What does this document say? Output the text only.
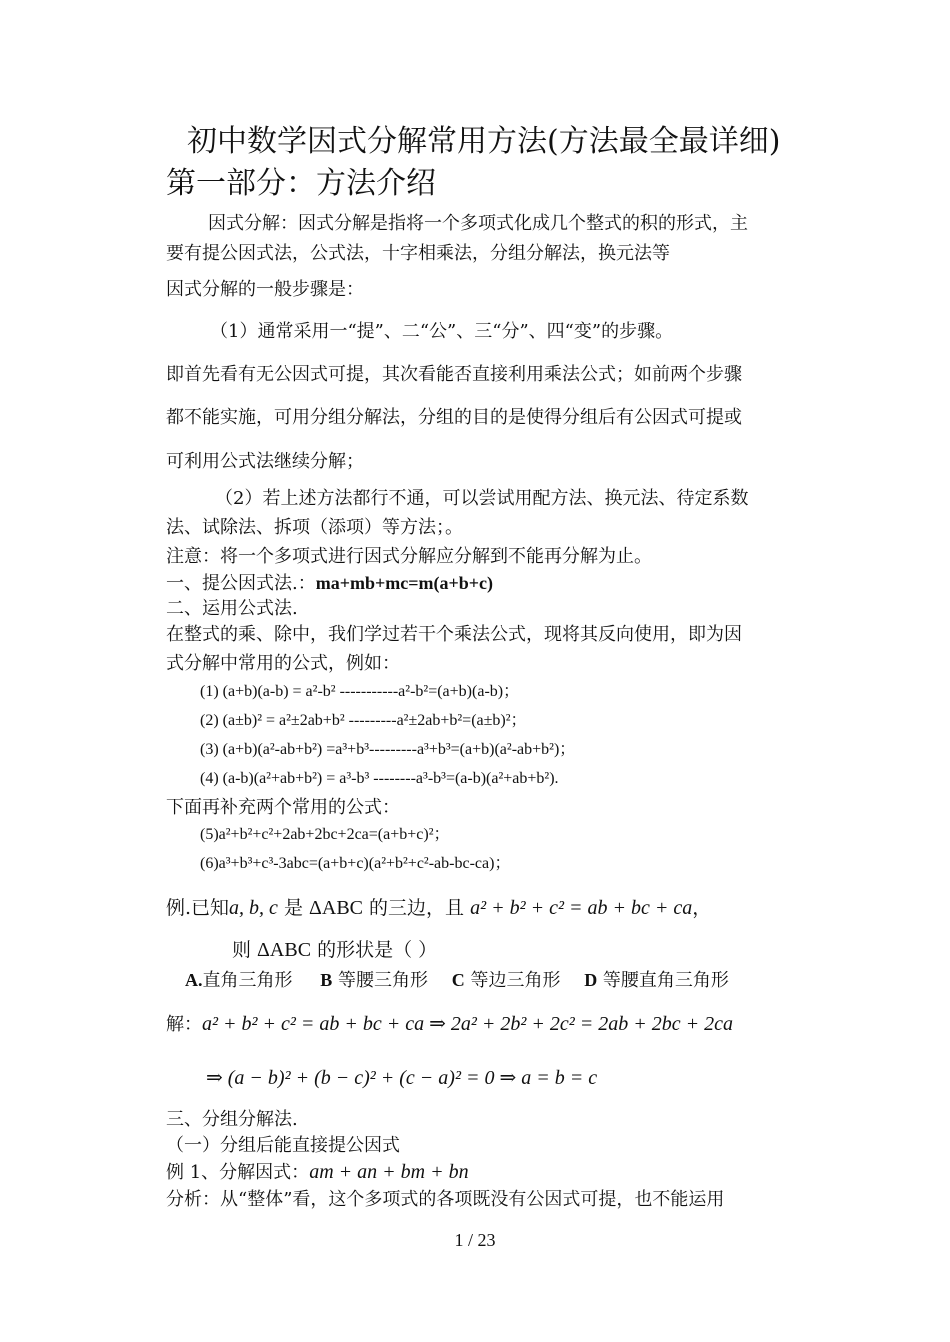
初中数学因式分解常用方法(方法最全最详细)
第一部分：方法介绍
因式分解：因式分解是指将一个多项式化成几个整式的积的形式，主
要有提公因式法，公式法，十字相乘法，分组分解法，换元法等
因式分解的一般步骤是：
（1）通常采用一“提”、二“公”、三“分”、四“变”的步骤。
即首先看有无公因式可提，其次看能否直接利用乘法公式；如前两个步骤
都不能实施，可用分组分解法，分组的目的是使得分组后有公因式可提或
可利用公式法继续分解；
（2）若上述方法都行不通，可以尝试用配方法、换元法、待定系数
法、试除法、拆项（添项）等方法；。
注意：将一个多项式进行因式分解应分解到不能再分解为止。
一、提公因式法.：ma+mb+mc=m(a+b+c)
二、运用公式法.
在整式的乘、除中，我们学过若干个乘法公式，现将其反向使用，即为因
式分解中常用的公式，例如：
(1) (a+b)(a-b) = a²-b² -----------a²-b²=(a+b)(a-b)；
(2) (a±b)² = a²±2ab+b² ---------a²±2ab+b²=(a±b)²；
(3) (a+b)(a²-ab+b²) =a³+b³---------a³+b³=(a+b)(a²-ab+b²)；
(4) (a-b)(a²+ab+b²) = a³-b³ --------a³-b³=(a-b)(a²+ab+b²).
下面再补充两个常用的公式：
(5)a²+b²+c²+2ab+2bc+2ca=(a+b+c)²；
(6)a³+b³+c³-3abc=(a+b+c)(a²+b²+c²-ab-bc-ca)；
例.已知a, b, c 是 ΔABC 的三边，且 a² + b² + c² = ab + bc + ca，
则 ΔABC 的形状是（ ）
A.直角三角形 B 等腰三角形 C 等边三角形 D 等腰直角三角形
解：a² + b² + c² = ab + bc + ca ⇒ 2a² + 2b² + 2c² = 2ab + 2bc + 2ca
⇒ (a − b)² + (b − c)² + (c − a)² = 0 ⇒ a = b = c
三、分组分解法.
（一）分组后能直接提公因式
例 1、分解因式：am + an + bm + bn
分析：从“整体”看，这个多项式的各项既没有公因式可提，也不能运用
1 / 23
